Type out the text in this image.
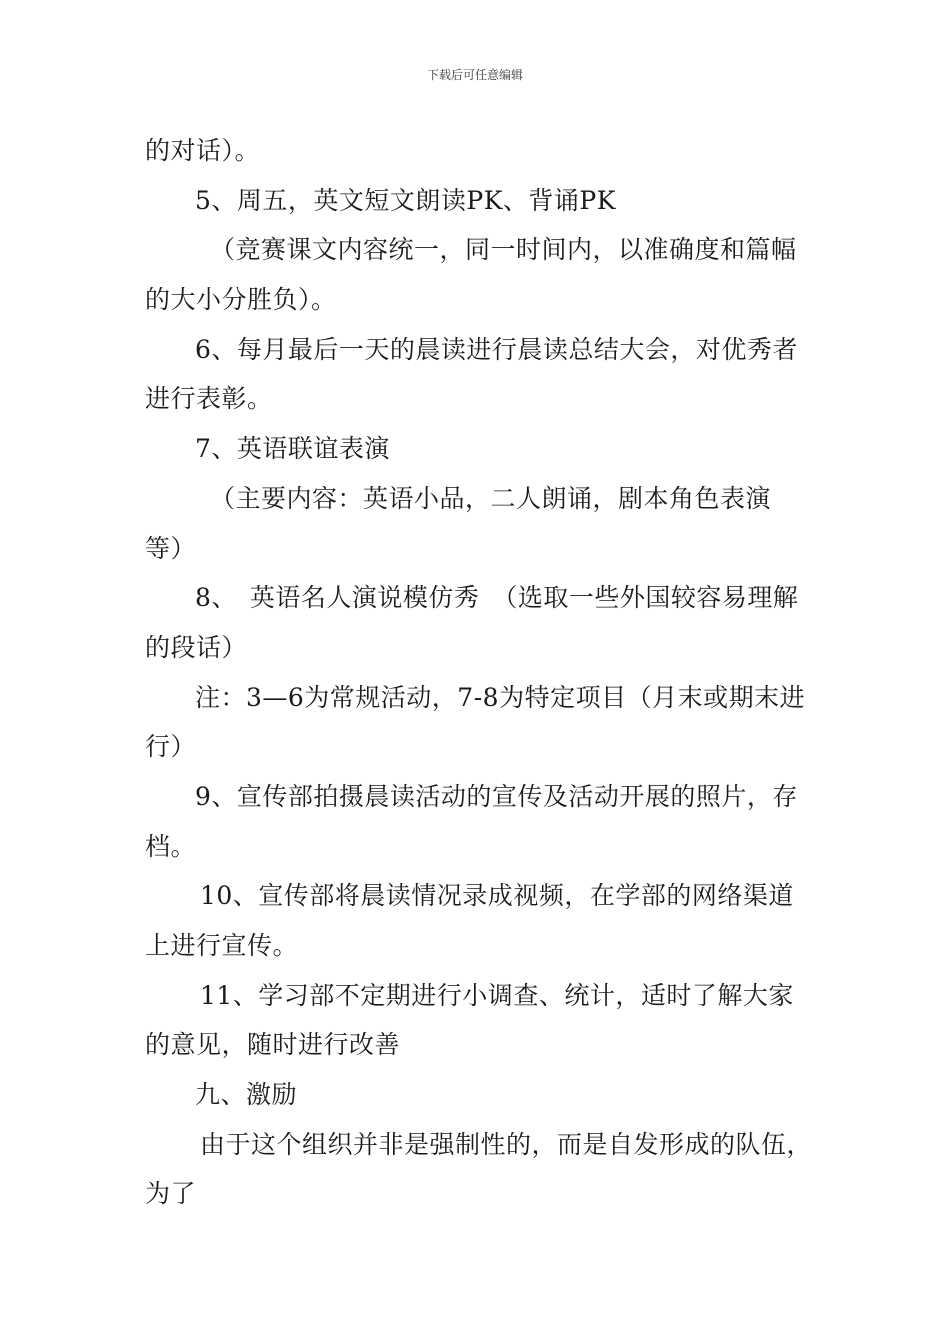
下载后可任意编辑
的对话）。
5、周五，英文短文朗读PK、背诵PK
（竞赛课文内容统一，同一时间内，以准确度和篇幅
的大小分胜负）。
6、每月最后一天的晨读进行晨读总结大会，对优秀者
进行表彰。
7、英语联谊表演
（主要内容：英语小品，二人朗诵，剧本角色表演
等）
8、　英语名人演说模仿秀　（选取一些外国较容易理解
的段话）
注：3—6为常规活动，7-8为特定项目（月末或期末进
行）
9、宣传部拍摄晨读活动的宣传及活动开展的照片，存
档。
10、宣传部将晨读情况录成视频，在学部的网络渠道
上进行宣传。
11、学习部不定期进行小调查、统计，适时了解大家
的意见，随时进行改善
九、激励
由于这个组织并非是强制性的，而是自发形成的队伍，
为了
